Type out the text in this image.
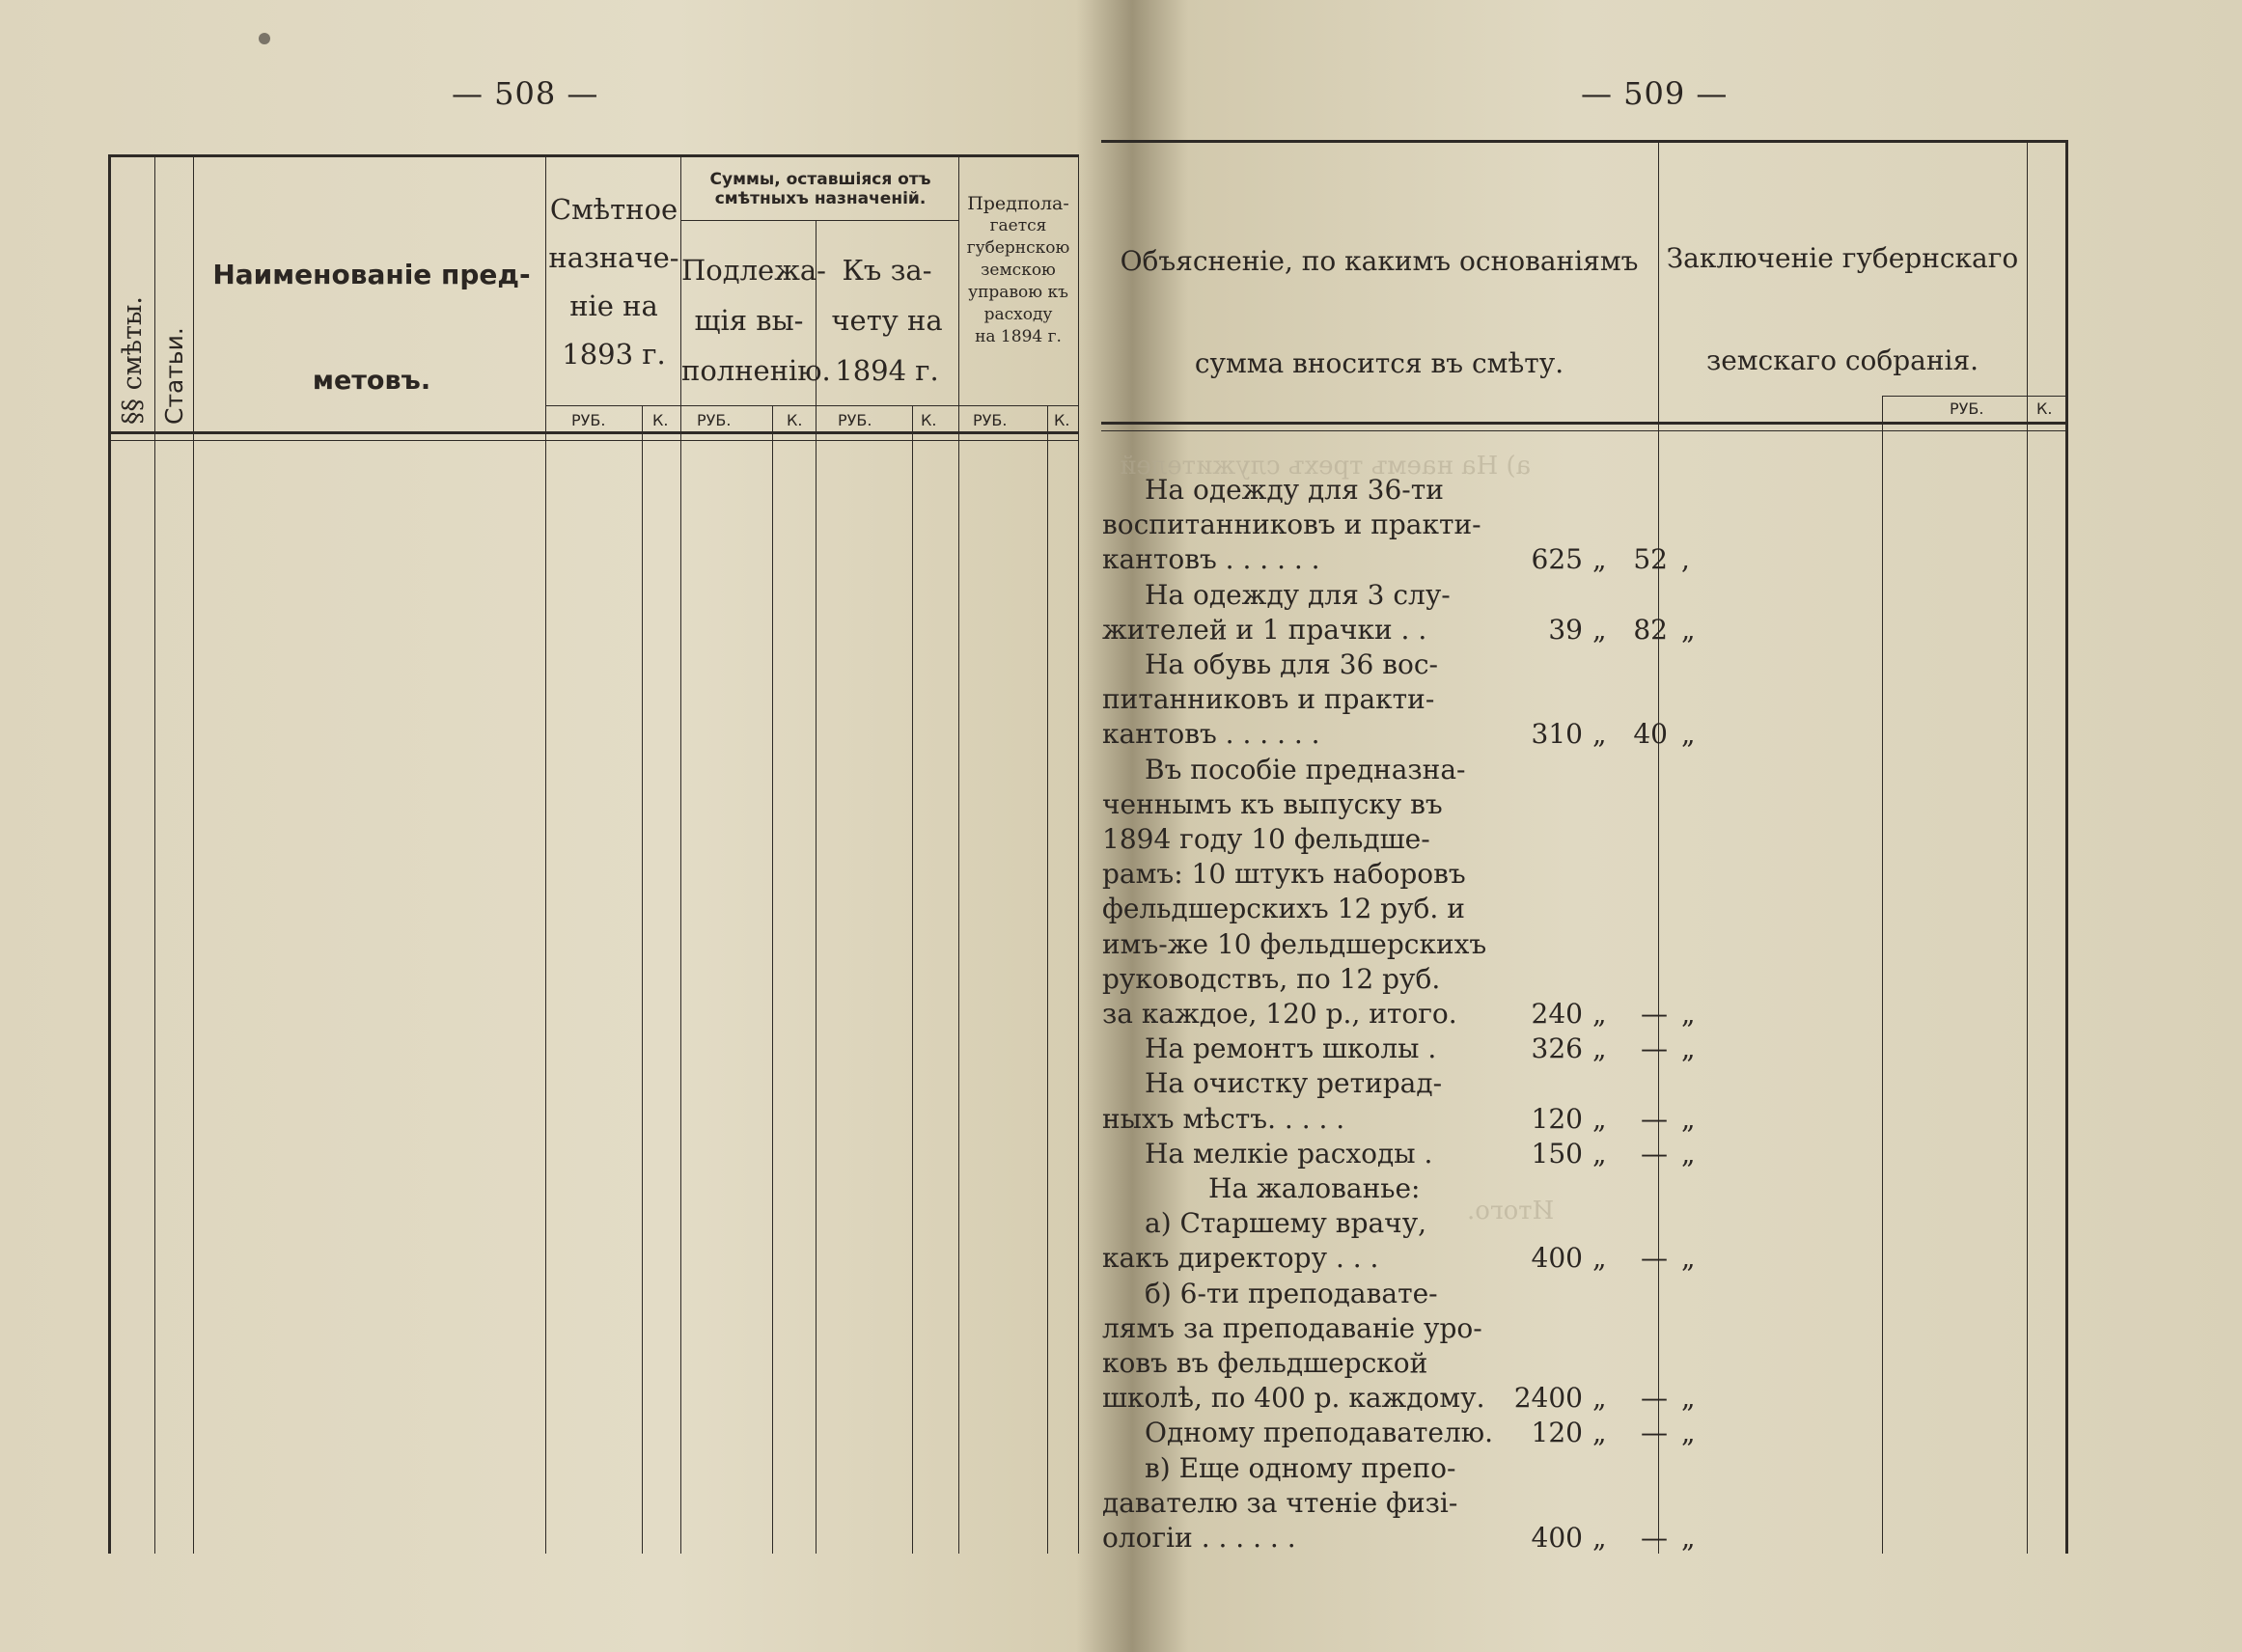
— 508 —
§§ смѣты. Статьи.
Наименованіе пред-
метовъ.
Смѣтное
назначе-
ніе на
1893 г.
Суммы, оставшіяся отъ
смѣтныхъ назначеній.
Подлежа-
щія вы-
полненію.
Къ за-
чету на
1894 г.
Предпола-
гается
губернскою
земскою
управою къ
расходу
на 1894 г.
РУБ.	К. РУБ.	К. РУБ.	К. РУБ.	К.
— 509 —
Объясненіе, по какимъ основаніямъ
сумма вносится въ смѣту.
Заключеніе губернскаго
земскаго собранія.
РУБ.	К.
a) На наемъ трехъ служителей
Итого.
На одежду для 36-ти
воспитанниковъ и практи-
кантовъ . . . . . .	625 „ 52 ,
На одежду для 3 слу-
жителей и 1 прачки . .	39 „ 82 „
На обувь для 36 вос-
питанниковъ и практи-
кантовъ . . . . . .	310 „ 40 „
Въ пособіе предназна-
ченнымъ къ выпуску въ
1894 году 10 фельдше-
рамъ: 10 штукъ наборовъ
фельдшерскихъ 12 руб. и
имъ-же 10 фельдшерскихъ
руководствъ, по 12 руб.
за каждое, 120 р., итого.	240 „	— „
На ремонтъ школы .	326 „	— „
На очистку ретирад-
ныхъ мѣстъ. . . . .	120 „	— „
На мелкіе расходы .	150 „	— „
На жалованье:
а) Старшему врачу,
какъ директору . . .	400 „	— „
б) 6-ти преподавате-
лямъ за преподаваніе уро-
ковъ въ фельдшерской
школѣ, по 400 р. каждому.	2400 „	— „
Одному преподавателю.	120 „	— „
в) Еще одному препо-
давателю за чтеніе физі-
ологіи . . . . . .	400 „	— „
